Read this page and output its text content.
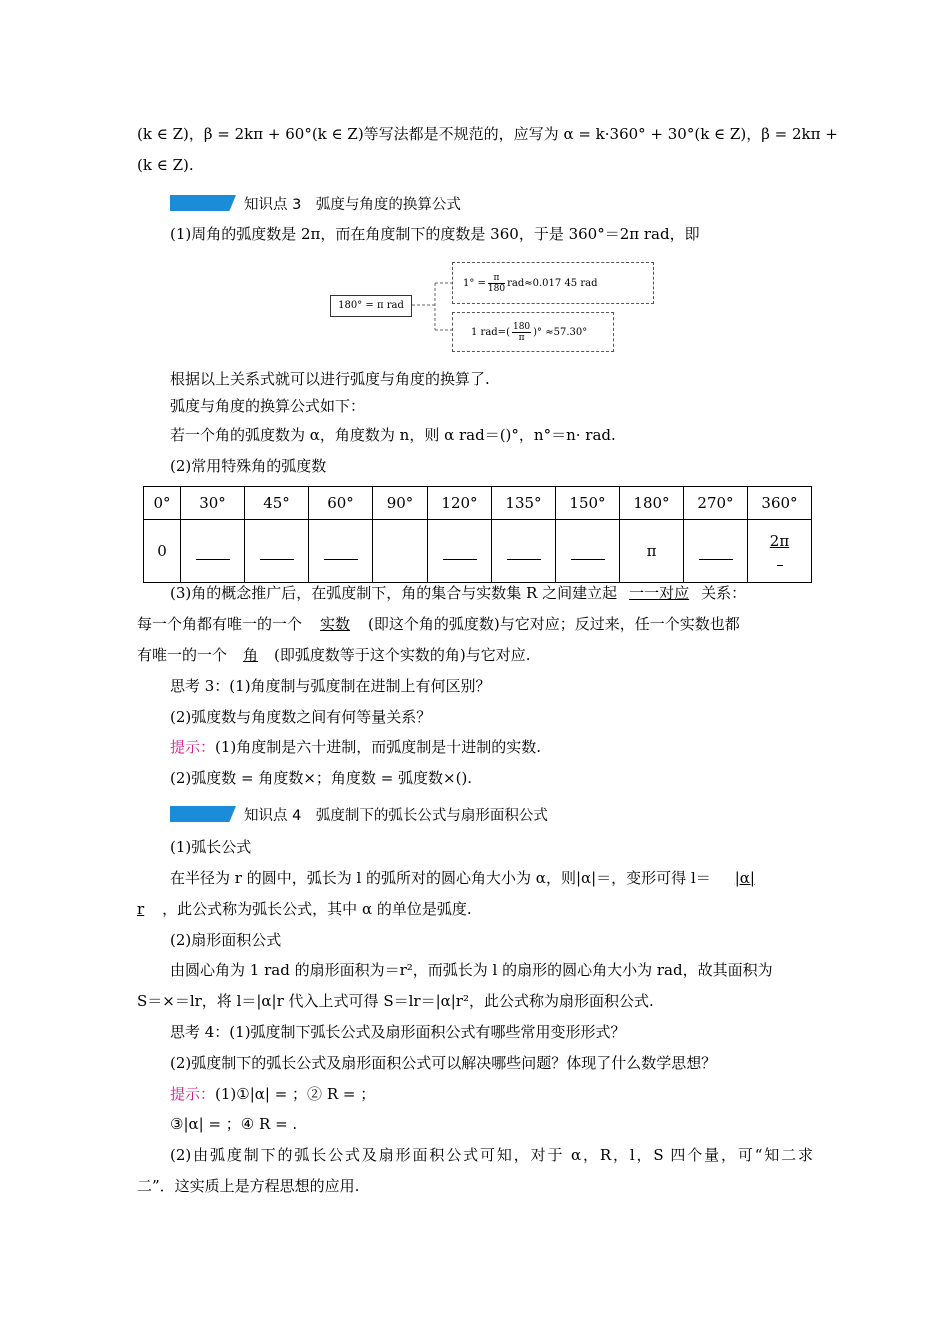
(k ∈ Z)，β = 2kπ + 60°(k ∈ Z)等写法都是不规范的，应写为 α = k·360° + 30°(k ∈ Z)，β = 2kπ +
(k ∈ Z).
知识点 3　弧度与角度的换算公式
(1)周角的弧度数是 2π，而在角度制下的度数是 360，于是 360°＝2π rad，即
180° = π rad
$1^\circ = \frac{\pi}{180} rad\approx 0.017$ 45 rad
1 $rad=( \frac{180}{\pi}$ )° ≈57.30°
根据以上关系式就可以进行弧度与角度的换算了.
弧度与角度的换算公式如下：
若一个角的弧度数为 α，角度数为 n，则 α rad＝()°，n°＝n· rad.
(2)常用特殊角的弧度数
0°	30°	45°	60°	90°	120°	135°	150°	180°	270°	360°
0								π		2π

(3)角的概念推广后，在弧度制下，角的集合与实数集 R 之间建立起 一一对应 关系：
每一个角都有唯一的一个 实数 (即这个角的弧度数)与它对应；反过来，任一个实数也都
有唯一的一个 角 (即弧度数等于这个实数的角)与它对应.
思考 3：(1)角度制与弧度制在进制上有何区别？
(2)弧度数与角度数之间有何等量关系？
提示：(1)角度制是六十进制，而弧度制是十进制的实数.
(2)弧度数 = 角度数×；角度数 = 弧度数×().
知识点 4　弧度制下的弧长公式与扇形面积公式
(1)弧长公式
在半径为 r 的圆中，弧长为 l 的弧所对的圆心角大小为 α，则|α|＝，变形可得 l＝ |α|
r ，此公式称为弧长公式，其中 α 的单位是弧度.
(2)扇形面积公式
由圆心角为 1 rad 的扇形面积为＝r²，而弧长为 l 的扇形的圆心角大小为 rad，故其面积为
S＝×＝lr，将 l＝|α|r 代入上式可得 S＝lr＝|α|r²，此公式称为扇形面积公式.
思考 4：(1)弧度制下弧长公式及扇形面积公式有哪些常用变形形式？
(2)弧度制下的弧长公式及扇形面积公式可以解决哪些问题？体现了什么数学思想？
提示：(1)①|α| = ；② R = ；
③|α| = ；④ R = .
(2)由弧度制下的弧长公式及扇形面积公式可知，对于 α，R，l，S 四个量，可“知二求
二”．这实质上是方程思想的应用.
